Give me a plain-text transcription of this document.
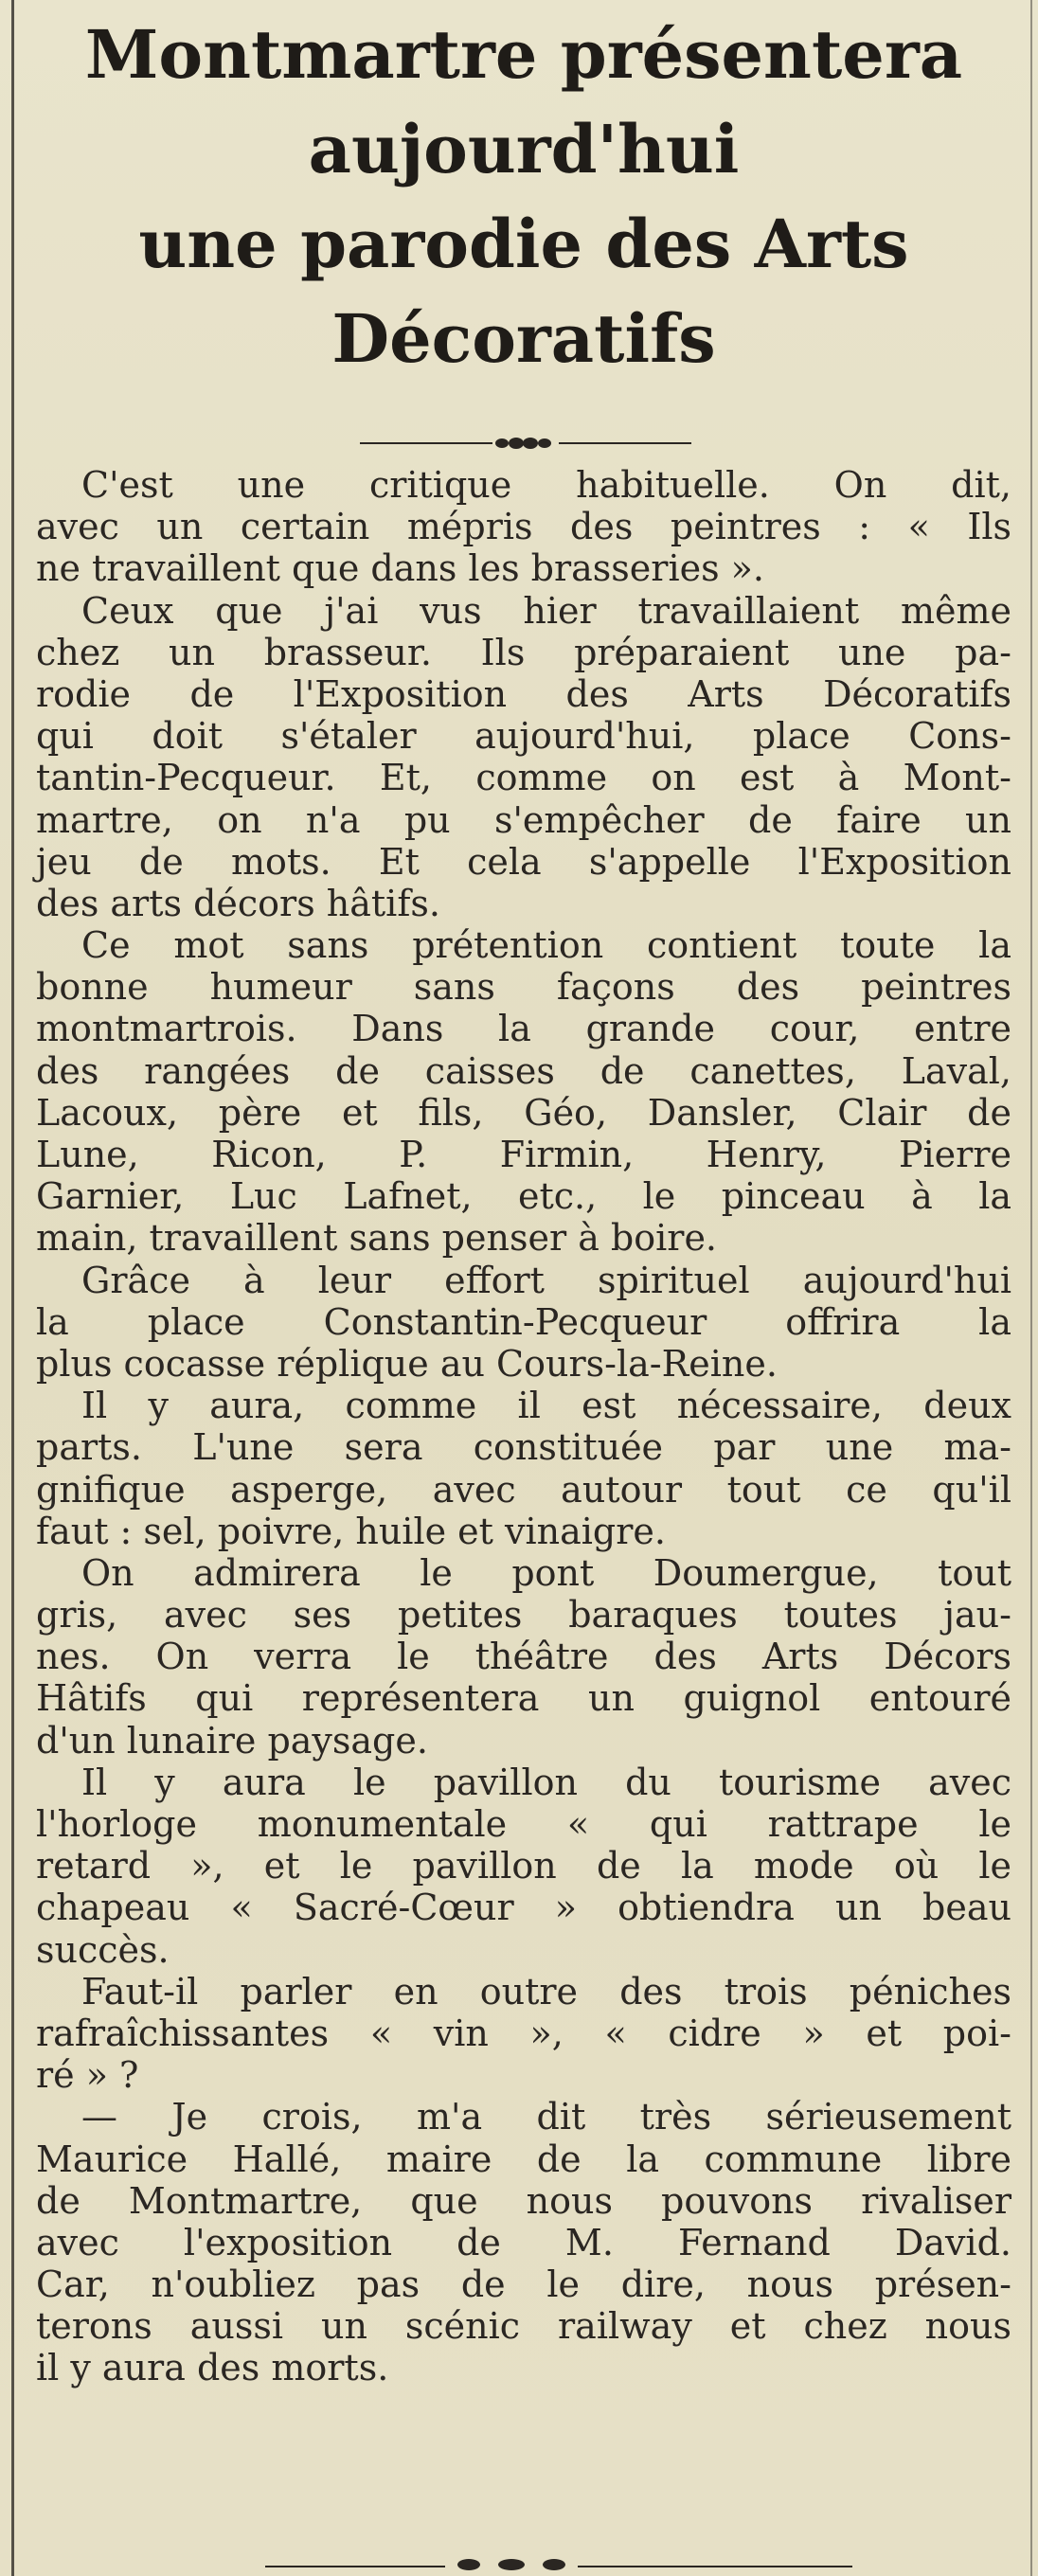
Montmartre présentera
aujourd'hui
une parodie des Arts
Décoratifs
C'est une critique habituelle. On dit,
avec un certain mépris des peintres : « Ils
ne travaillent que dans les brasseries ».
Ceux que j'ai vus hier travaillaient même
chez un brasseur. Ils préparaient une pa-
rodie de l'Exposition des Arts Décoratifs
qui doit s'étaler aujourd'hui, place Cons-
tantin-Pecqueur. Et, comme on est à Mont-
martre, on n'a pu s'empêcher de faire un
jeu de mots. Et cela s'appelle l'Exposition
des arts décors hâtifs.
Ce mot sans prétention contient toute la
bonne humeur sans façons des peintres
montmartrois. Dans la grande cour, entre
des rangées de caisses de canettes, Laval,
Lacoux, père et fils, Géo, Dansler, Clair de
Lune, Ricon, P. Firmin, Henry, Pierre
Garnier, Luc Lafnet, etc., le pinceau à la
main, travaillent sans penser à boire.
Grâce à leur effort spirituel aujourd'hui
la place Constantin-Pecqueur offrira la
plus cocasse réplique au Cours-la-Reine.
Il y aura, comme il est nécessaire, deux
parts. L'une sera constituée par une ma-
gnifique asperge, avec autour tout ce qu'il
faut : sel, poivre, huile et vinaigre.
On admirera le pont Doumergue, tout
gris, avec ses petites baraques toutes jau-
nes. On verra le théâtre des Arts Décors
Hâtifs qui représentera un guignol entouré
d'un lunaire paysage.
Il y aura le pavillon du tourisme avec
l'horloge monumentale « qui rattrape le
retard », et le pavillon de la mode où le
chapeau « Sacré-Cœur » obtiendra un beau
succès.
Faut-il parler en outre des trois péniches
rafraîchissantes « vin », « cidre » et poi-
ré » ?
— Je crois, m'a dit très sérieusement
Maurice Hallé, maire de la commune libre
de Montmartre, que nous pouvons rivaliser
avec l'exposition de M. Fernand David.
Car, n'oubliez pas de le dire, nous présen-
terons aussi un scénic railway et chez nous
il y aura des morts.
